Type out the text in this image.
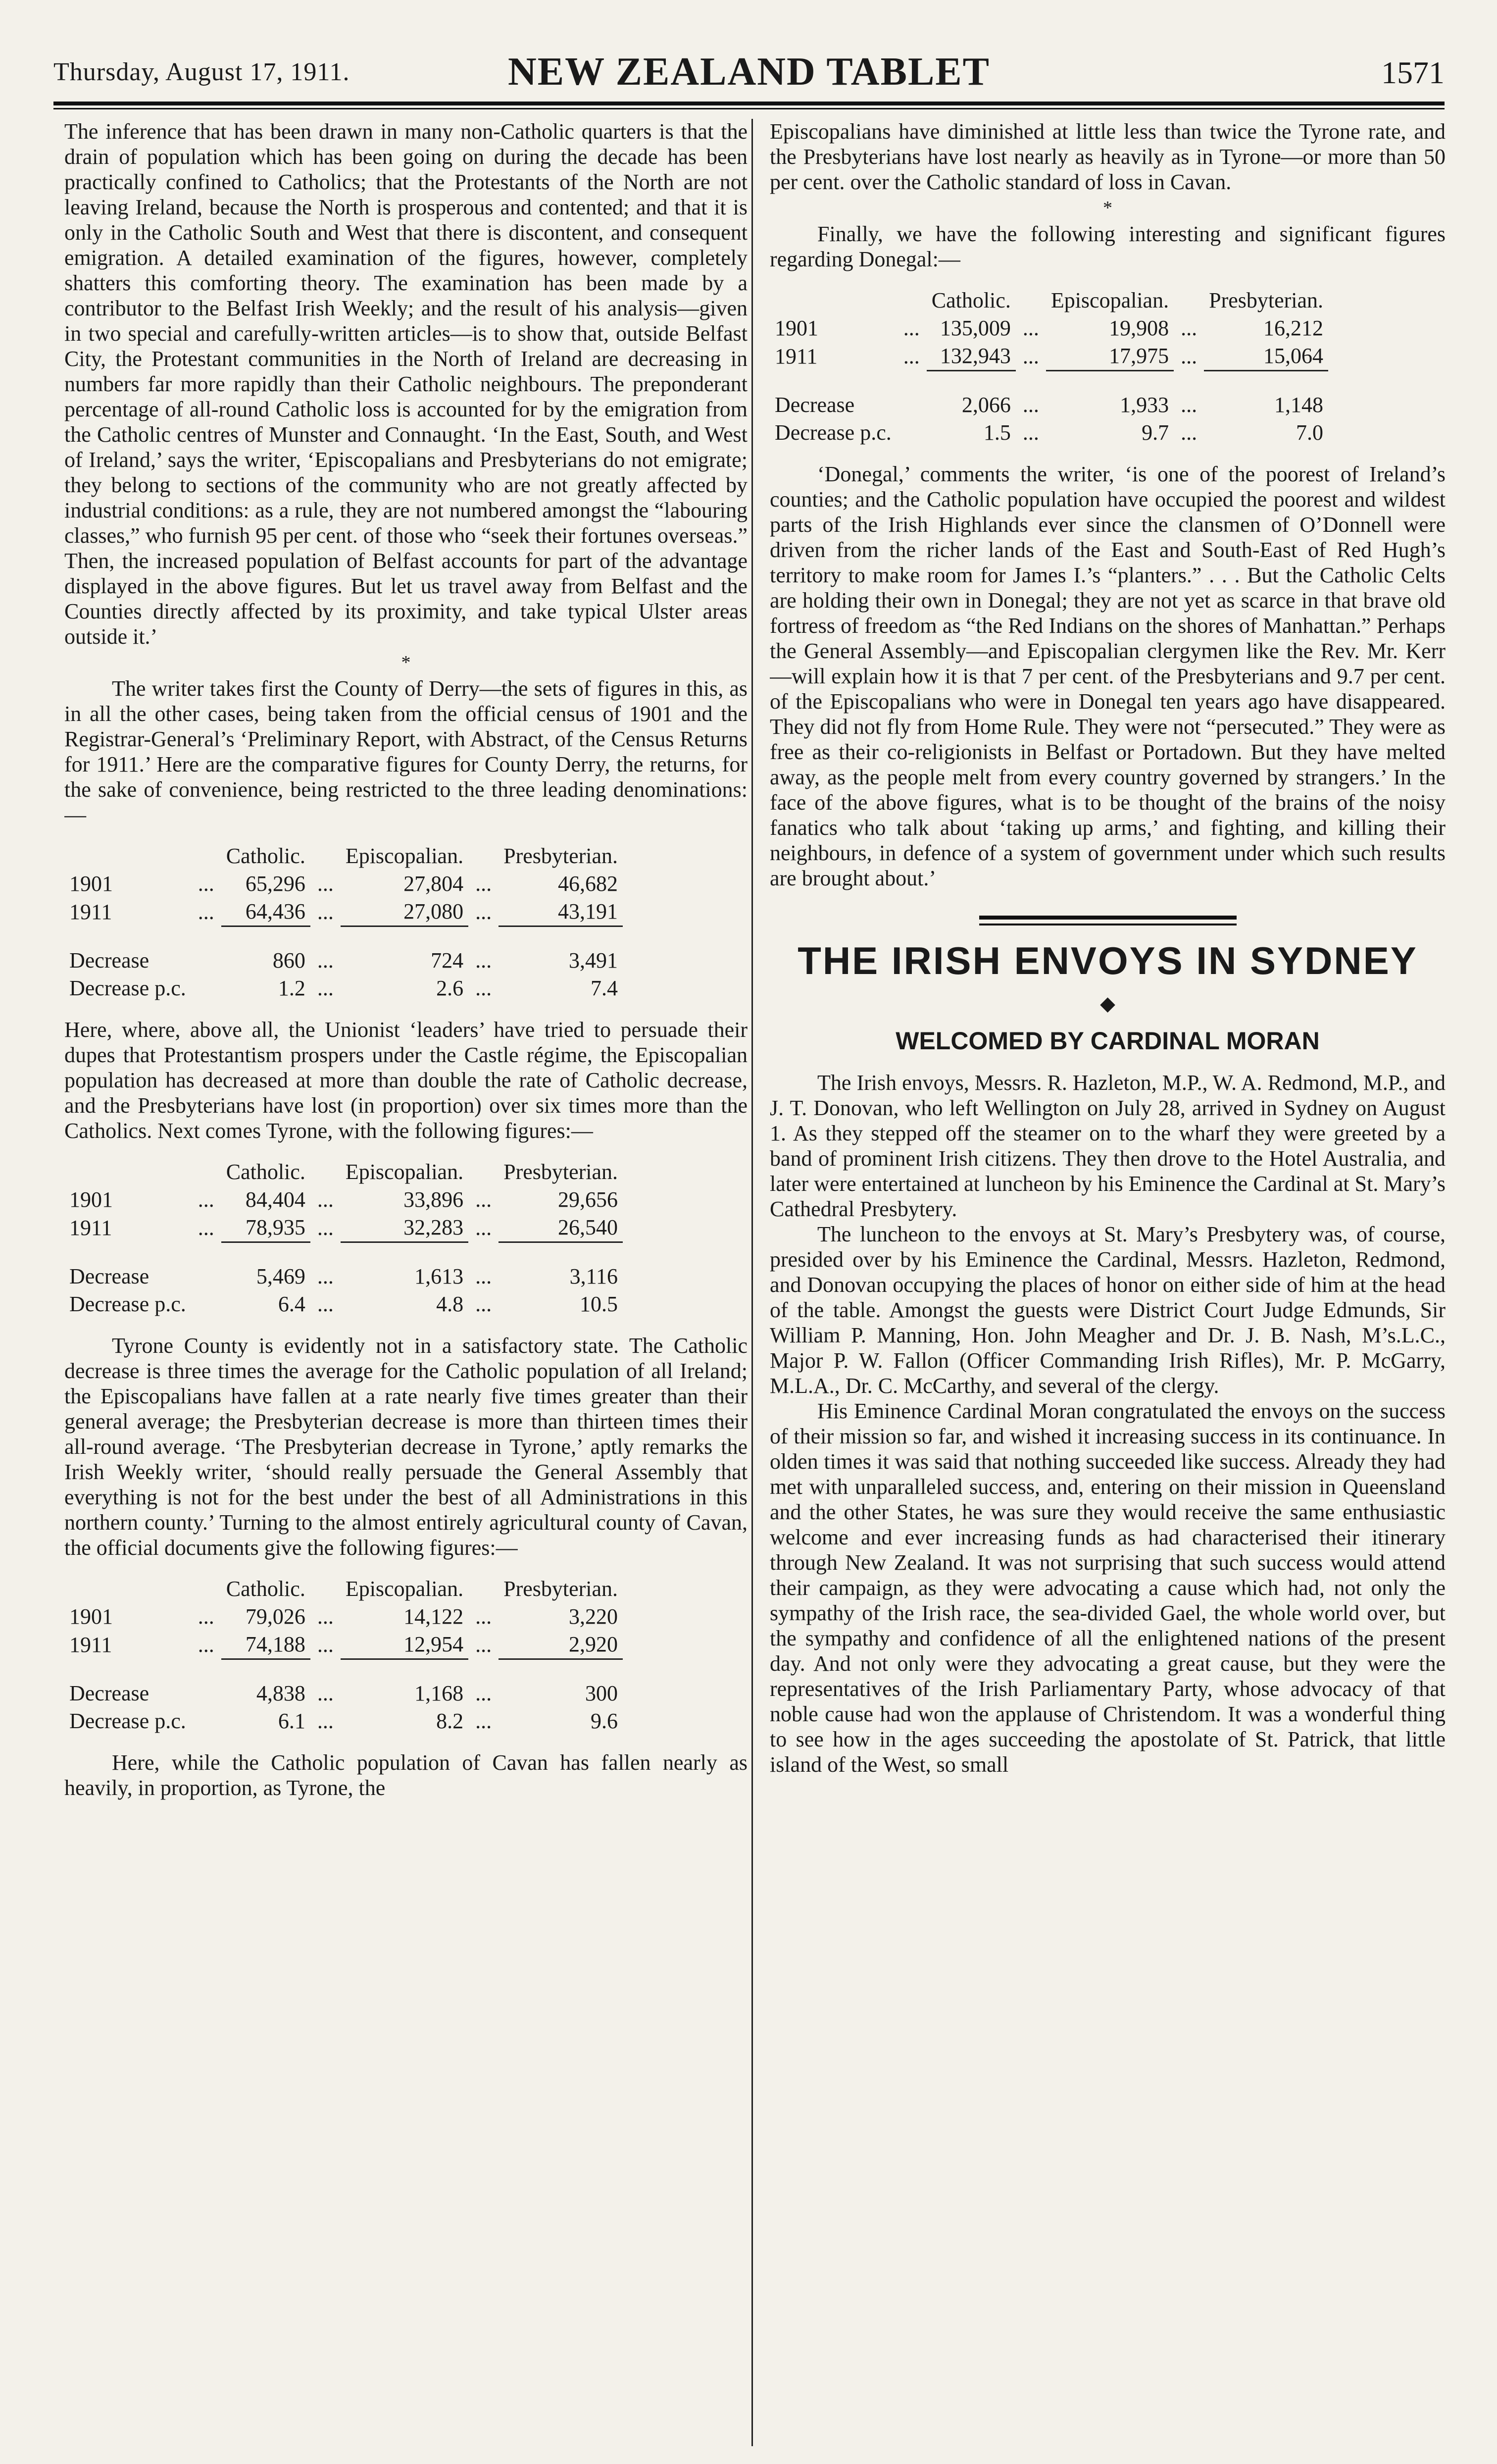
Thursday, August 17, 1911.	NEW ZEALAND TABLET	1571

The inference that has been drawn in many non-Catholic quarters is that the drain of population which has been going on during the decade has been practically confined to Catholics; that the Protestants of the North are not leaving Ireland, because the North is prosperous and contented; and that it is only in the Catholic South and West that there is discontent, and consequent emigration. A detailed examination of the figures, however, completely shatters this comforting theory. The examination has been made by a contributor to the Belfast Irish Weekly; and the result of his analysis—given in two special and carefully-written articles—is to show that, outside Belfast City, the Protestant communities in the North of Ireland are decreasing in numbers far more rapidly than their Catholic neighbours. The preponderant percentage of all-round Catholic loss is accounted for by the emigration from the Catholic centres of Munster and Connaught. ‘In the East, South, and West of Ireland,’ says the writer, ‘Episcopalians and Presbyterians do not emigrate; they belong to sections of the community who are not greatly affected by industrial conditions: as a rule, they are not numbered amongst the “labouring classes,” who furnish 95 per cent. of those who “seek their fortunes overseas.” Then, the increased population of Belfast accounts for part of the advantage displayed in the above figures. But let us travel away from Belfast and the Counties directly affected by its proximity, and take typical Ulster areas outside it.’

*

The writer takes first the County of Derry—the sets of figures in this, as in all the other cases, being taken from the official census of 1901 and the Registrar-General’s ‘Preliminary Report, with Abstract, of the Census Returns for 1911.’ Here are the comparative figures for County Derry, the returns, for the sake of convenience, being restricted to the three leading denominations:—

		Catholic.		Episcopalian.		Presbyterian.
1901	...	65,296	...	27,804	...	46,682
1911	...	64,436	...	27,080	...	43,191

Decrease		860	...	724	...	3,491
Decrease p.c.		1.2	...	2.6	...	7.4

Here, where, above all, the Unionist ‘leaders’ have tried to persuade their dupes that Protestantism prospers under the Castle régime, the Episcopalian population has decreased at more than double the rate of Catholic decrease, and the Presbyterians have lost (in proportion) over six times more than the Catholics. Next comes Tyrone, with the following figures:—

		Catholic.		Episcopalian.		Presbyterian.
1901	...	84,404	...	33,896	...	29,656
1911	...	78,935	...	32,283	...	26,540

Decrease		5,469	...	1,613	...	3,116
Decrease p.c.		6.4	...	4.8	...	10.5

Tyrone County is evidently not in a satisfactory state. The Catholic decrease is three times the average for the Catholic population of all Ireland; the Episcopalians have fallen at a rate nearly five times greater than their general average; the Presbyterian decrease is more than thirteen times their all-round average. ‘The Presbyterian decrease in Tyrone,’ aptly remarks the Irish Weekly writer, ‘should really persuade the General Assembly that everything is not for the best under the best of all Administrations in this northern county.’ Turning to the almost entirely agricultural county of Cavan, the official documents give the following figures:—

		Catholic.		Episcopalian.		Presbyterian.
1901	...	79,026	...	14,122	...	3,220
1911	...	74,188	...	12,954	...	2,920

Decrease		4,838	...	1,168	...	300
Decrease p.c.		6.1	...	8.2	...	9.6

Here, while the Catholic population of Cavan has fallen nearly as heavily, in proportion, as Tyrone, the

Episcopalians have diminished at little less than twice the Tyrone rate, and the Presbyterians have lost nearly as heavily as in Tyrone—or more than 50 per cent. over the Catholic standard of loss in Cavan.

*

Finally, we have the following interesting and significant figures regarding Donegal:—

		Catholic.		Episcopalian.		Presbyterian.
1901	...	135,009	...	19,908	...	16,212
1911	...	132,943	...	17,975	...	15,064

Decrease		2,066	...	1,933	...	1,148
Decrease p.c.		1.5	...	9.7	...	7.0

‘Donegal,’ comments the writer, ‘is one of the poorest of Ireland’s counties; and the Catholic population have occupied the poorest and wildest parts of the Irish Highlands ever since the clansmen of O’Donnell were driven from the richer lands of the East and South-East of Red Hugh’s territory to make room for James I.’s “planters.” . . . But the Catholic Celts are holding their own in Donegal; they are not yet as scarce in that brave old fortress of freedom as “the Red Indians on the shores of Manhattan.” Perhaps the General Assembly—and Episcopalian clergymen like the Rev. Mr. Kerr—will explain how it is that 7 per cent. of the Presbyterians and 9.7 per cent. of the Episcopalians who were in Donegal ten years ago have disappeared. They did not fly from Home Rule. They were not “persecuted.” They were as free as their co-religionists in Belfast or Portadown. But they have melted away, as the people melt from every country governed by strangers.’ In the face of the above figures, what is to be thought of the brains of the noisy fanatics who talk about ‘taking up arms,’ and fighting, and killing their neighbours, in defence of a system of government under which such results are brought about.’

THE IRISH ENVOYS IN SYDNEY
◆
WELCOMED BY CARDINAL MORAN

The Irish envoys, Messrs. R. Hazleton, M.P., W. A. Redmond, M.P., and J. T. Donovan, who left Wellington on July 28, arrived in Sydney on August 1. As they stepped off the steamer on to the wharf they were greeted by a band of prominent Irish citizens. They then drove to the Hotel Australia, and later were entertained at luncheon by his Eminence the Cardinal at St. Mary’s Cathedral Presbytery.

The luncheon to the envoys at St. Mary’s Presbytery was, of course, presided over by his Eminence the Cardinal, Messrs. Hazleton, Redmond, and Donovan occupying the places of honor on either side of him at the head of the table. Amongst the guests were District Court Judge Edmunds, Sir William P. Manning, Hon. John Meagher and Dr. J. B. Nash, M’s.L.C., Major P. W. Fallon (Officer Commanding Irish Rifles), Mr. P. McGarry, M.L.A., Dr. C. McCarthy, and several of the clergy.

His Eminence Cardinal Moran congratulated the envoys on the success of their mission so far, and wished it increasing success in its continuance. In olden times it was said that nothing succeeded like success. Already they had met with unparalleled success, and, entering on their mission in Queensland and the other States, he was sure they would receive the same enthusiastic welcome and ever increasing funds as had characterised their itinerary through New Zealand. It was not surprising that such success would attend their campaign, as they were advocating a cause which had, not only the sympathy of the Irish race, the sea-divided Gael, the whole world over, but the sympathy and confidence of all the enlightened nations of the present day. And not only were they advocating a great cause, but they were the representatives of the Irish Parliamentary Party, whose advocacy of that noble cause had won the applause of Christendom. It was a wonderful thing to see how in the ages succeeding the apostolate of St. Patrick, that little island of the West, so small
